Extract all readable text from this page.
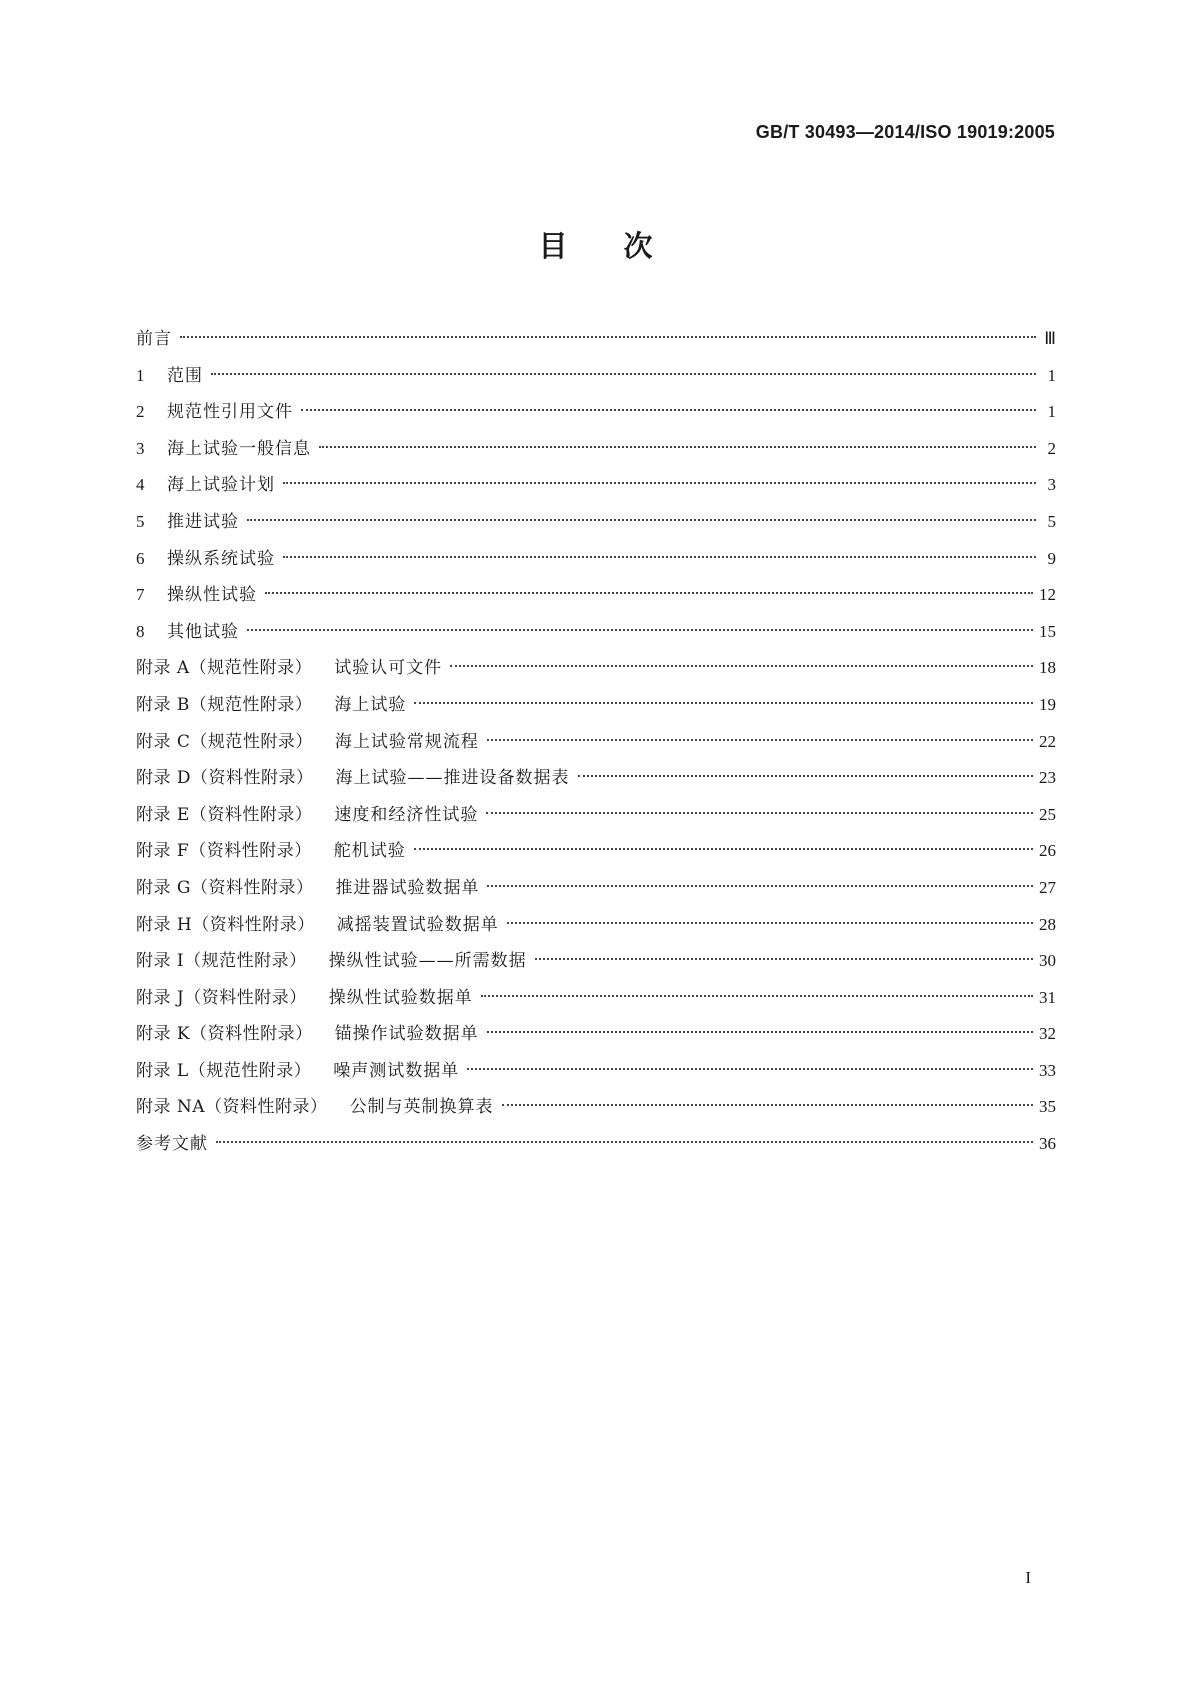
GB/T 30493—2014/ISO 19019:2005
目 次
前言	Ⅲ
1	范围	1
2	规范性引用文件	1
3	海上试验一般信息	2
4	海上试验计划	3
5	推进试验	5
6	操纵系统试验	9
7	操纵性试验	12
8	其他试验	15
附录 A（规范性附录） 试验认可文件	18
附录 B（规范性附录） 海上试验	19
附录 C（规范性附录） 海上试验常规流程	22
附录 D（资料性附录） 海上试验——推进设备数据表	23
附录 E（资料性附录） 速度和经济性试验	25
附录 F（资料性附录） 舵机试验	26
附录 G（资料性附录） 推进器试验数据单	27
附录 H（资料性附录） 减摇装置试验数据单	28
附录 I（规范性附录） 操纵性试验——所需数据	30
附录 J（资料性附录） 操纵性试验数据单	31
附录 K（资料性附录） 锚操作试验数据单	32
附录 L（规范性附录） 噪声测试数据单	33
附录 NA（资料性附录） 公制与英制换算表	35
参考文献	36
I
